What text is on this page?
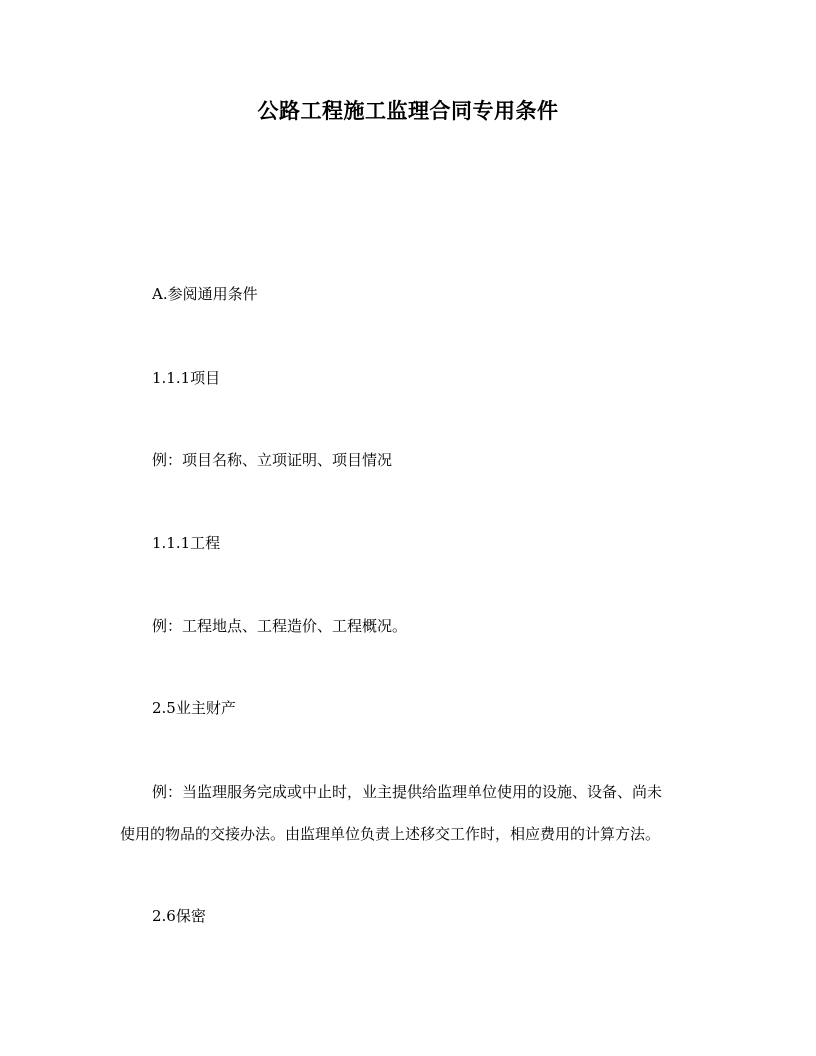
公路工程施工监理合同专用条件
A.参阅通用条件
1.1.1项目
例：项目名称、立项证明、项目情况
1.1.1工程
例：工程地点、工程造价、工程概况。
2.5业主财产
例：当监理服务完成或中止时，业主提供给监理单位使用的设施、设备、尚未
使用的物品的交接办法。由监理单位负责上述移交工作时，相应费用的计算方法。
2.6保密
